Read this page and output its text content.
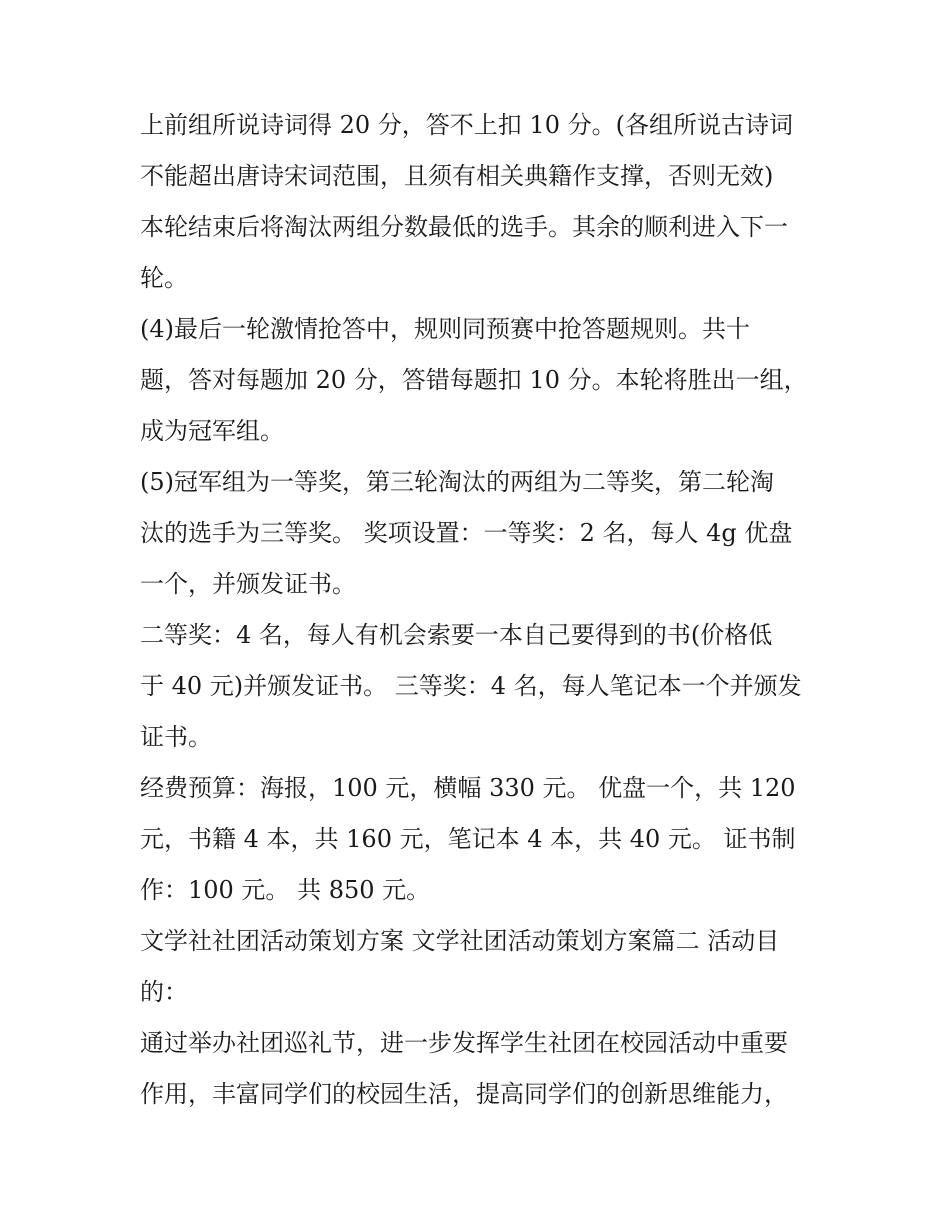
上前组所说诗词得 20 分，答不上扣 10 分。(各组所说古诗词
不能超出唐诗宋词范围，且须有相关典籍作支撑，否则无效)
本轮结束后将淘汰两组分数最低的选手。其余的顺利进入下一
轮。
(4)最后一轮激情抢答中，规则同预赛中抢答题规则。共十
题，答对每题加 20 分，答错每题扣 10 分。本轮将胜出一组，
成为冠军组。
(5)冠军组为一等奖，第三轮淘汰的两组为二等奖，第二轮淘
汰的选手为三等奖。 奖项设置：一等奖：2 名，每人 4g 优盘
一个，并颁发证书。
二等奖：4 名，每人有机会索要一本自己要得到的书(价格低
于 40 元)并颁发证书。 三等奖：4 名，每人笔记本一个并颁发
证书。
经费预算：海报，100 元，横幅 330 元。 优盘一个，共 120
元，书籍 4 本，共 160 元，笔记本 4 本，共 40 元。 证书制
作：100 元。 共 850 元。
文学社社团活动策划方案 文学社团活动策划方案篇二 活动目
的：
通过举办社团巡礼节，进一步发挥学生社团在校园活动中重要
作用，丰富同学们的校园生活，提高同学们的创新思维能力，
